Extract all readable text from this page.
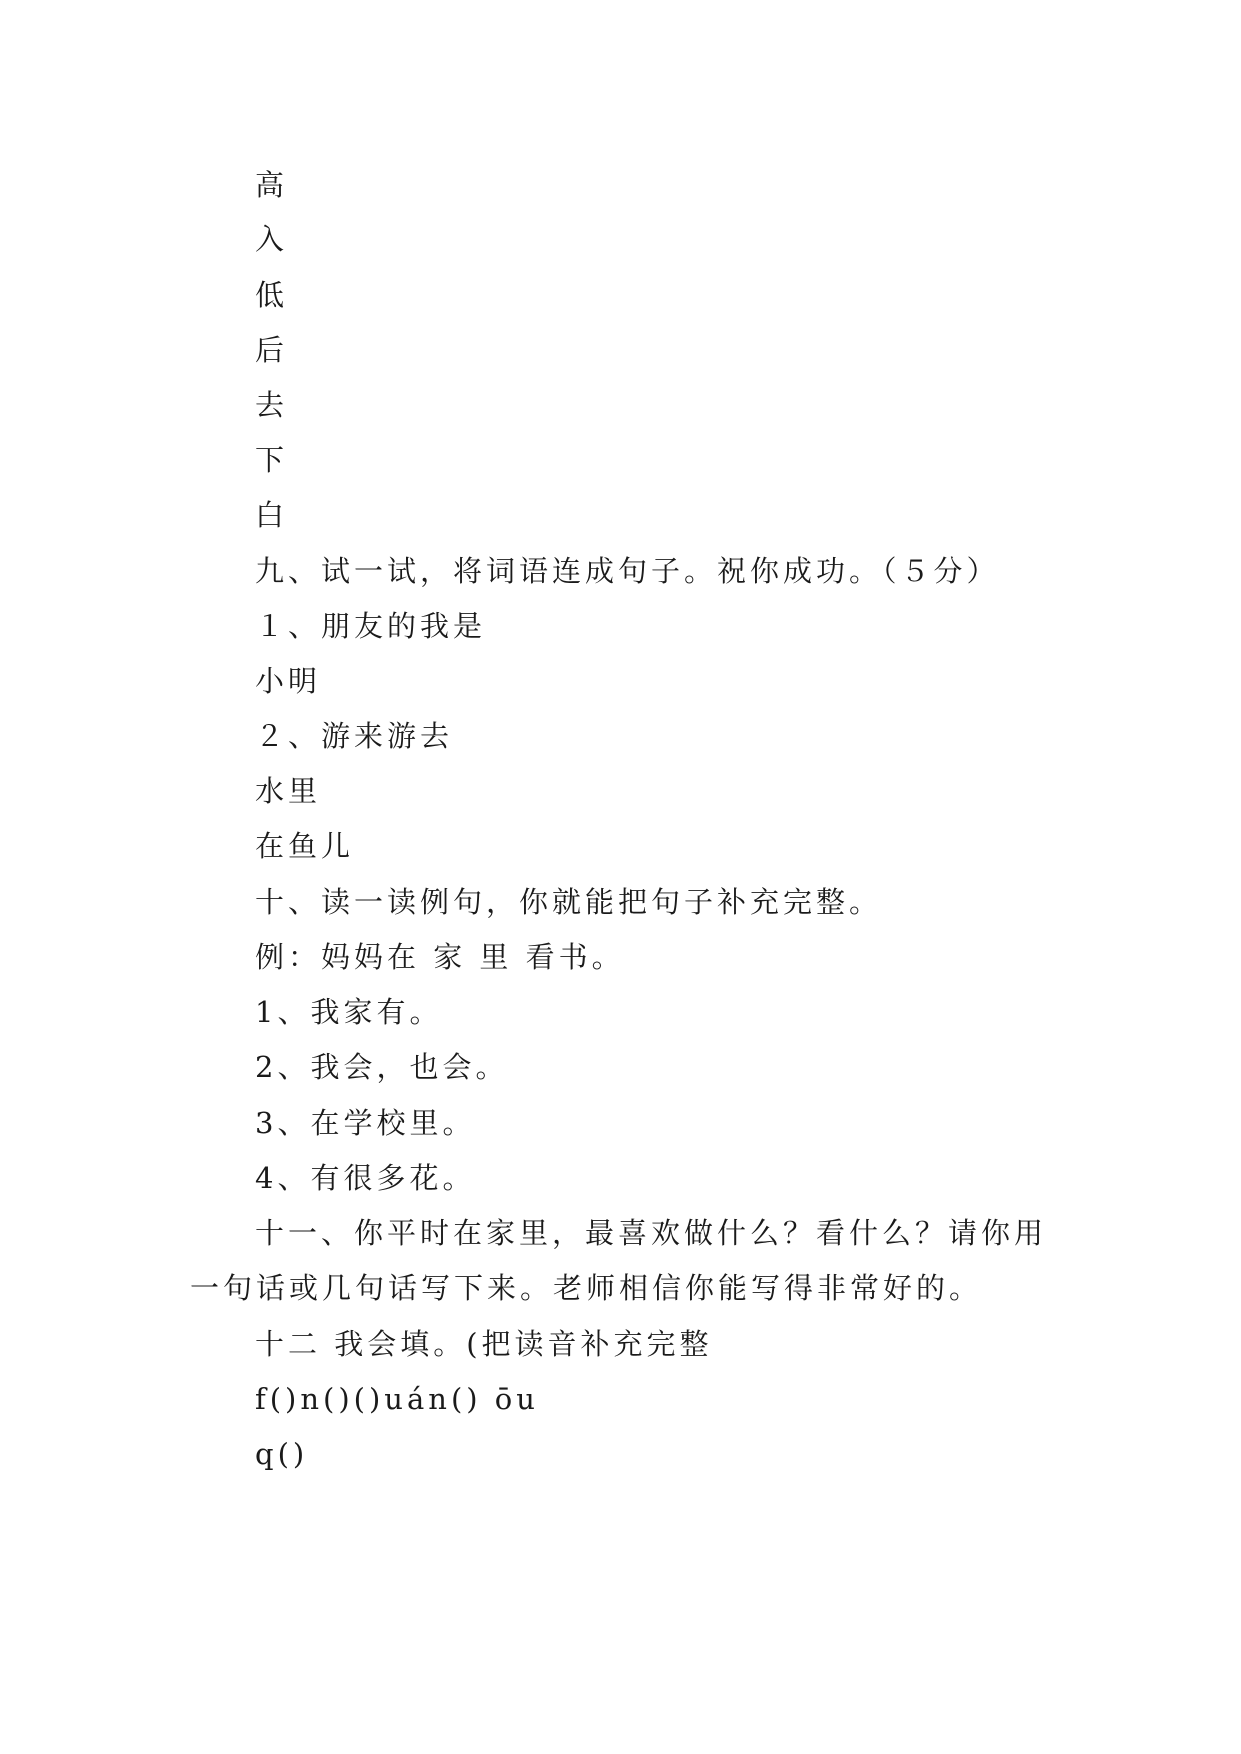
高
入
低
后
去
下
白
九、试一试，将词语连成句子。祝你成功。（５分）
１、朋友的我是
小明
２、游来游去
水里
在鱼儿
十、读一读例句，你就能把句子补充完整。
例：妈妈在 家 里 看书。
1、我家有。
2、我会，也会。
3、在学校里。
4、有很多花。
十一、你平时在家里，最喜欢做什么？看什么？请你用
一句话或几句话写下来。老师相信你能写得非常好的。
十二 我会填。(把读音补充完整
f()n()()uán() ōu
q()
